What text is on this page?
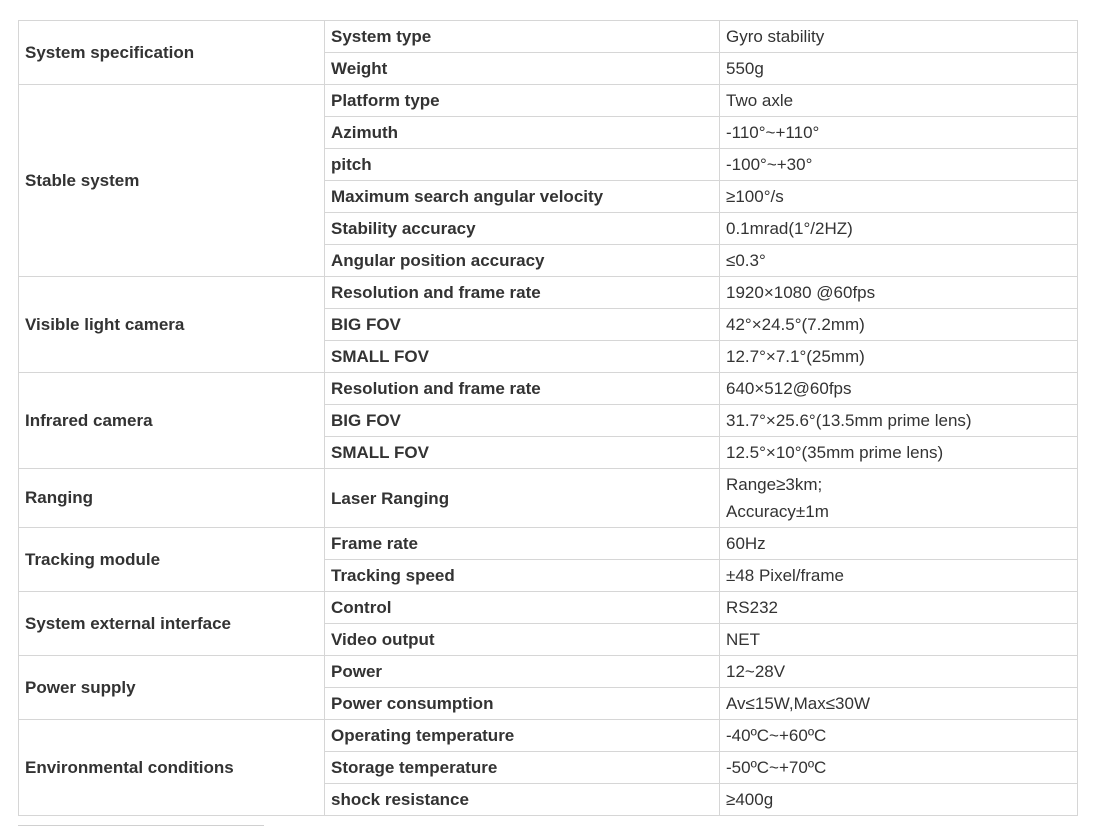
System specification	System type	Gyro stability
	Weight	550g
Stable system	Platform type	Two axle
	Azimuth	-110°~+110°
	pitch	-100°~+30°
	Maximum search angular velocity	≥100°/s
	Stability accuracy	0.1mrad(1°/2HZ)
	Angular position accuracy	≤0.3°
Visible light camera	Resolution and frame rate	1920×1080 @60fps
	BIG FOV	42°×24.5°(7.2mm)
	SMALL FOV	12.7°×7.1°(25mm)
Infrared camera	Resolution and frame rate	640×512@60fps
	BIG FOV	31.7°×25.6°(13.5mm prime lens)
	SMALL FOV	12.5°×10°(35mm prime lens)
Ranging	Laser Ranging	Range≥3km;
Accuracy±1m

Tracking module	Frame rate	60Hz
	Tracking speed	±48 Pixel/frame
System external interface	Control	RS232
	Video output	NET
Power supply	Power	12~28V
	Power consumption	Av≤15W,Max≤30W
Environmental conditions	Operating temperature	-40ºC~+60ºC
	Storage temperature	-50ºC~+70ºC
	shock resistance	≥400g
